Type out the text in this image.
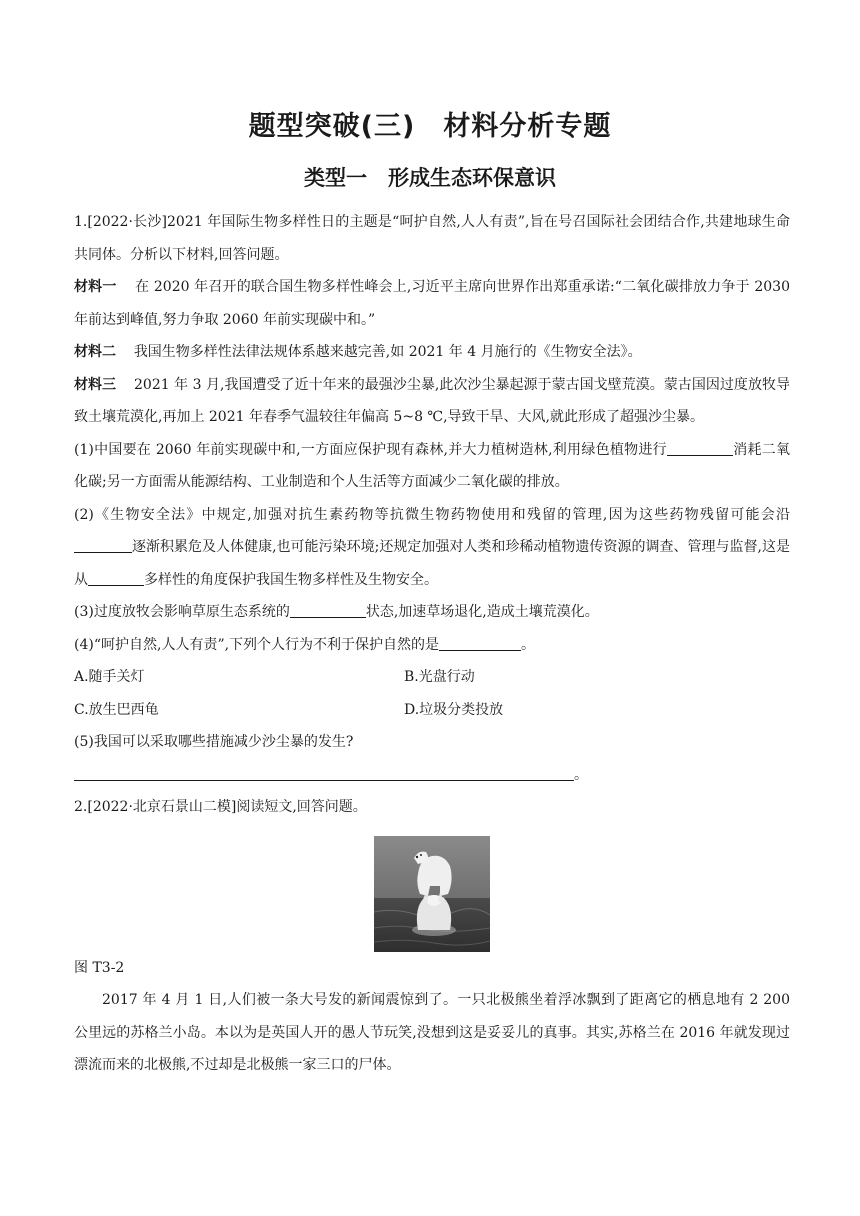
题型突破(三)　材料分析专题
类型一　形成生态环保意识

1.[2022·长沙]2021 年国际生物多样性日的主题是“呵护自然,人人有责”,旨在号召国际社会团结合作,共建地球生命共同体。分析以下材料,回答问题。

材料一 在 2020 年召开的联合国生物多样性峰会上,习近平主席向世界作出郑重承诺:“二氧化碳排放力争于 2030 年前达到峰值,努力争取 2060 年前实现碳中和。”

材料二 我国生物多样性法律法规体系越来越完善,如 2021 年 4 月施行的《生物安全法》。

材料三 2021 年 3 月,我国遭受了近十年来的最强沙尘暴,此次沙尘暴起源于蒙古国戈壁荒漠。蒙古国因过度放牧导致土壤荒漠化,再加上 2021 年春季气温较往年偏高 5~8 ℃,导致干旱、大风,就此形成了超强沙尘暴。

(1)中国要在 2060 年前实现碳中和,一方面应保护现有森林,并大力植树造林,利用绿色植物进行	消耗二氧化碳;另一方面需从能源结构、工业制造和个人生活等方面减少二氧化碳的排放。

(2)《生物安全法》中规定,加强对抗生素药物等抗微生物药物使用和残留的管理,因为这些药物残留可能会沿逐渐积累危及人体健康,也可能污染环境;还规定加强对人类和珍稀动植物遗传资源的调查、管理与监督,这是从	多样性的角度保护我国生物多样性及生物安全。

(3)过度放牧会影响草原生态系统的	状态,加速草场退化,造成土壤荒漠化。

(4)“呵护自然,人人有责”,下列个人行为不利于保护自然的是	。

A.随手关灯	B.光盘行动

C.放生巴西龟	D.垃圾分类投放

(5)我国可以采取哪些措施减少沙尘暴的发生?

。

2.[2022·北京石景山二模]阅读短文,回答问题。

图 T3-2

2017 年 4 月 1 日,人们被一条大号发的新闻震惊到了。一只北极熊坐着浮冰飘到了距离它的栖息地有 2 200 公里远的苏格兰小岛。本以为是英国人开的愚人节玩笑,没想到这是妥妥儿的真事。其实,苏格兰在 2016 年就发现过漂流而来的北极熊,不过却是北极熊一家三口的尸体。
